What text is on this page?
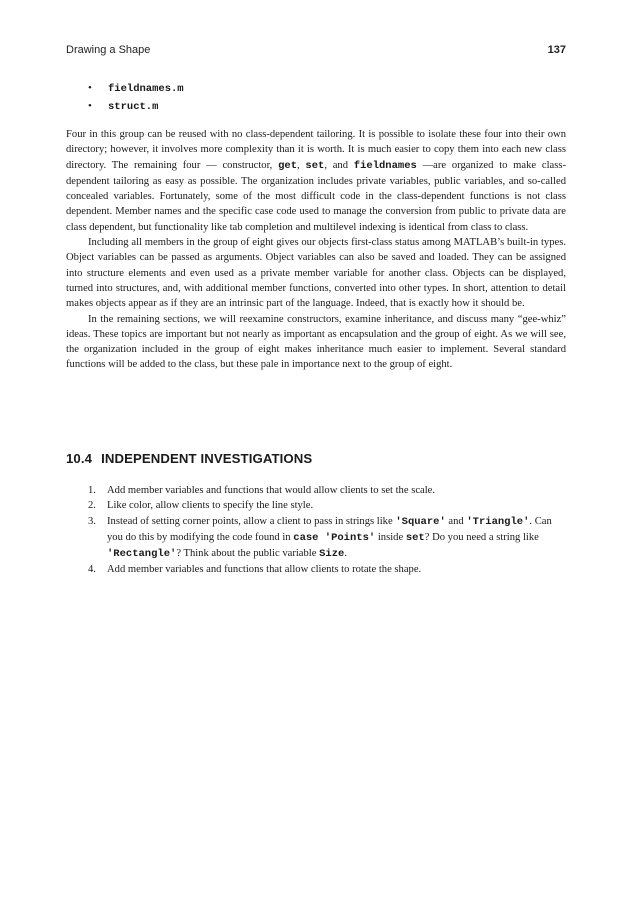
Drawing a Shape	137
• fieldnames.m
• struct.m

Four in this group can be reused with no class-dependent tailoring. It is possible to isolate these four into their own directory; however, it involves more complexity than it is worth. It is much easier to copy them into each new class directory. The remaining four — constructor, get, set, and fieldnames —are organized to make class-dependent tailoring as easy as possible. The organization includes private variables, public variables, and so-called concealed variables. Fortunately, some of the most difficult code in the class-dependent functions is not class dependent. Member names and the specific case code used to manage the conversion from public to private data are class dependent, but functionality like tab completion and multilevel indexing is identical from class to class.

Including all members in the group of eight gives our objects first-class status among MATLAB’s built-in types. Object variables can be passed as arguments. Object variables can also be saved and loaded. They can be assigned into structure elements and even used as a private member variable for another class. Objects can be displayed, turned into structures, and, with additional member functions, converted into other types. In short, attention to detail makes objects appear as if they are an intrinsic part of the language. Indeed, that is exactly how it should be.

In the remaining sections, we will reexamine constructors, examine inheritance, and discuss many “gee-whiz” ideas. These topics are important but not nearly as important as encapsulation and the group of eight. As we will see, the organization included in the group of eight makes inheritance much easier to implement. Several standard functions will be added to the class, but these pale in importance next to the group of eight.

10.4 INDEPENDENT INVESTIGATIONS
1. Add member variables and functions that would allow clients to set the scale.
2. Like color, allow clients to specify the line style.
3. Instead of setting corner points, allow a client to pass in strings like 'Square' and 'Triangle'. Can you do this by modifying the code found in case 'Points' inside set? Do you need a string like 'Rectangle'? Think about the public variable Size.
4. Add member variables and functions that allow clients to rotate the shape.
